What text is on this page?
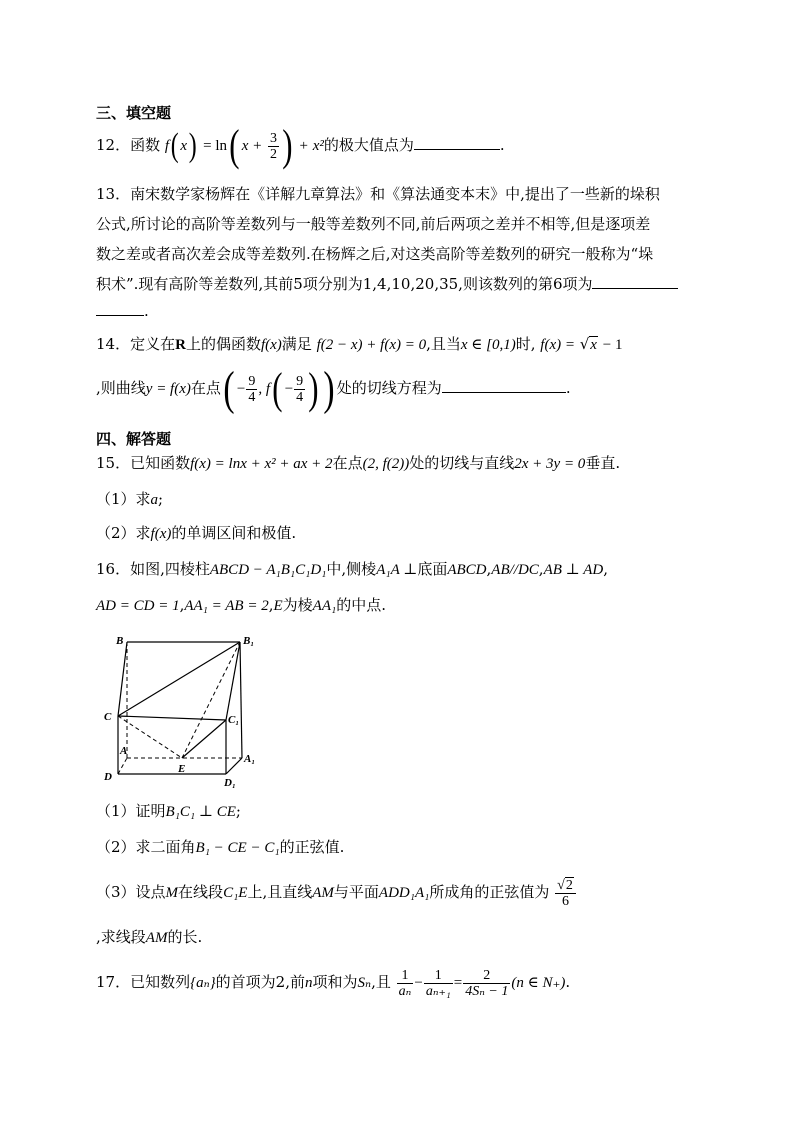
三、填空题
12．函数 f( x) = ln( $x + \frac{3}{2}$ ) + x²的极大值点为	.
13．南宋数学家杨辉在《详解九章算法》和《算法通变本末》中,提出了一些新的垛积
公式,所讨论的高阶等差数列与一般等差数列不同,前后两项之差并不相等,但是逐项差
数之差或者高次差会成等差数列.在杨辉之后,对这类高阶等差数列的研究一般称为“垛
积术”.现有高阶等差数列,其前5项分别为1,4,10,20,35,则该数列的第6项为
.
14．定义在R上的偶函数f(x)满足 f(2 − x) + f(x) = 0,且当x ∈ [0,1)时, f(x) = √x − 1
,则曲线y = f(x)在点( − $\frac{9}{4}$ , $f( - \frac{9}{4}$ )) 处的切线方程为	.
四、解答题
15．已知函数f(x) = lnx + x² + ax + 2在点(2, f(2))处的切线与直线2x + 3y = 0垂直.
（1）求a;
（2）求f(x)的单调区间和极值.
16．如图,四棱柱ABCD − A₁B₁C₁D₁中,侧棱A₁A ⊥底面ABCD,AB//DC,AB ⊥ AD,
AD = CD = 1,AA₁ = AB = 2,E为棱AA₁的中点.
B	B₁
C	C₁
A
A₁
E
D	D₁
（1）证明B₁C₁ ⊥ CE;
（2）求二面角B₁ − CE − C₁的正弦值.
（3）设点M在线段C₁E上,且直线AM与平面ADD₁A₁所成角的正弦值为 $\frac{√2}{6}$
,求线段AM的长.
17．已知数列{aₙ}的首项为2,前n项和为Sₙ,且 $\frac{1}{\text{aₙ}} - \frac{1}{\text{aₙ₊₁}} = \frac{2}{\text{4Sₙ − 1}} (n$ ∈ N₊).
